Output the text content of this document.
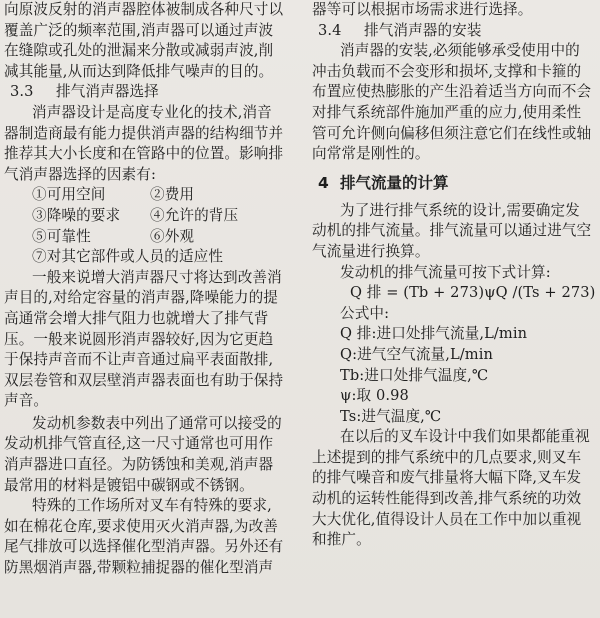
向原波反射的消声器腔体被制成各种尺寸以
覆盖广泛的频率范围,消声器可以通过声波
在缝隙或孔处的泄漏来分散或减弱声波,削
减其能量,从而达到降低排气噪声的目的。
3.3 排气消声器选择
消声器设计是高度专业化的技术,消音
器制造商最有能力提供消声器的结构细节并
推荐其大小长度和在管路中的位置。影响排
气消声器选择的因素有:
①可用空间	②费用
③降噪的要求 ④允许的背压
⑤可靠性	⑥外观
⑦对其它部件或人员的适应性
一般来说增大消声器尺寸将达到改善消
声目的,对给定容量的消声器,降噪能力的提
高通常会增大排气阻力也就增大了排气背
压。一般来说圆形消声器较好,因为它更趋
于保持声音而不让声音通过扁平表面散排,
双层卷管和双层壁消声器表面也有助于保持
声音。
发动机参数表中列出了通常可以接受的
发动机排气管直径,这一尺寸通常也可用作
消声器进口直径。为防锈蚀和美观,消声器
最常用的材料是镀铝中碳钢或不锈钢。
特殊的工作场所对叉车有特殊的要求,
如在棉花仓库,要求使用灭火消声器,为改善
尾气排放可以选择催化型消声器。另外还有
防黑烟消声器,带颗粒捕捉器的催化型消声
器等可以根据市场需求进行选择。
3.4 排气消声器的安装
消声器的安装,必须能够承受使用中的
冲击负载而不会变形和损坏,支撑和卡箍的
布置应使热膨胀的产生沿着适当方向而不会
对排气系统部件施加严重的应力,使用柔性
管可允许侧向偏移但须注意它们在线性或轴
向常常是刚性的。
4 排气流量的计算
为了进行排气系统的设计,需要确定发
动机的排气流量。排气流量可以通过进气空
气流量进行换算。
发动机的排气流量可按下式计算:
Q 排 = (Tb + 273)ψQ /(Ts + 273)
公式中:
Q 排:进口处排气流量,L/min
Q:进气空气流量,L/min
Tb:进口处排气温度,℃
ψ:取 0.98
Ts:进气温度,℃
在以后的叉车设计中我们如果都能重视
上述提到的排气系统中的几点要求,则叉车
的排气噪音和废气排量将大幅下降,叉车发
动机的运转性能得到改善,排气系统的功效
大大优化,值得设计人员在工作中加以重视
和推广。
